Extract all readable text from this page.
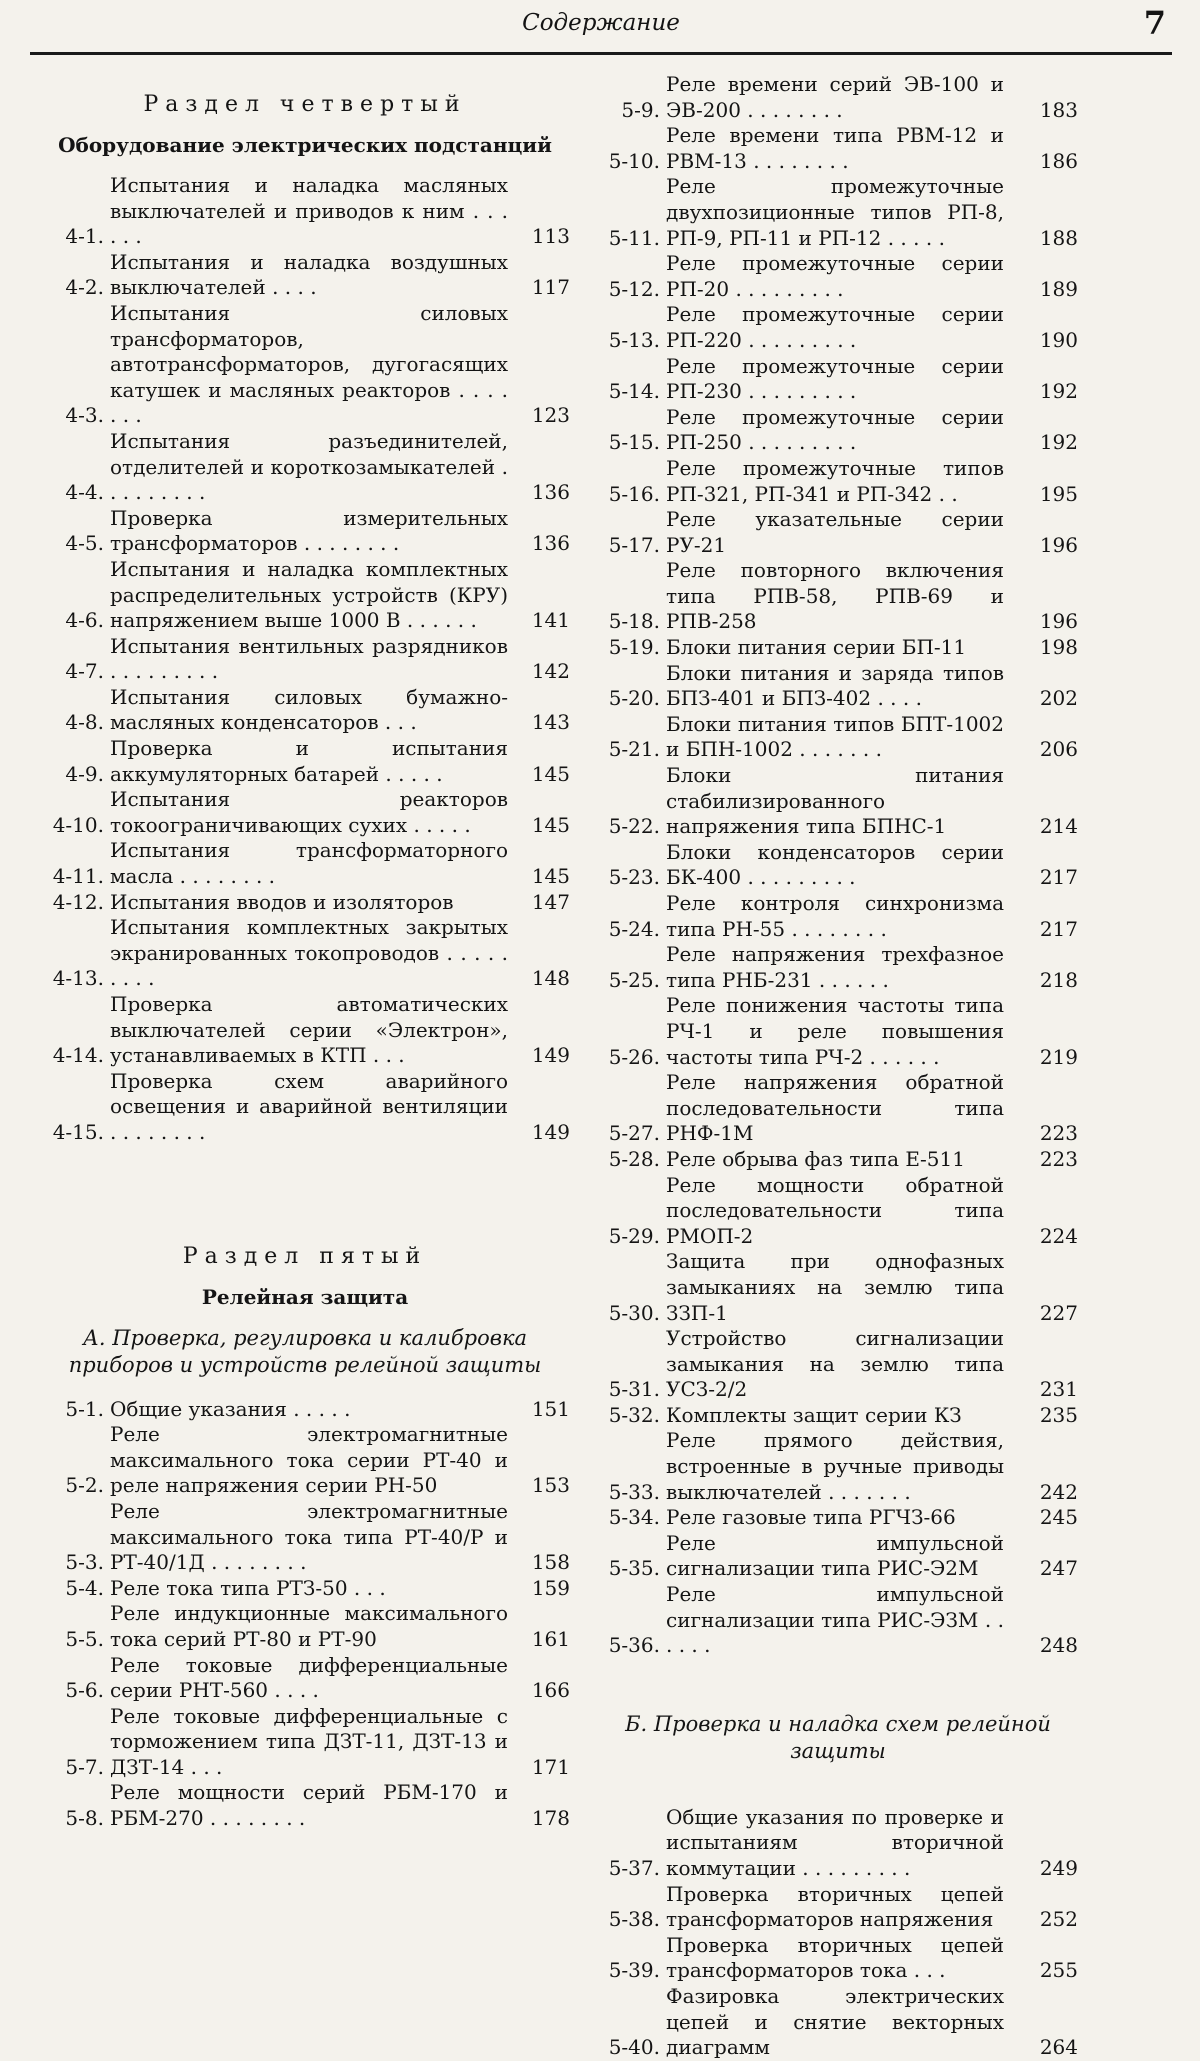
Содержание	7
Раздел четвертый
Оборудование электрических подстанций
4-1.
Испытания и наладка масляных выключателей и приводов к ним . . . . . .	113
4-2.
Испытания и наладка воздушных выключателей . . . .	117
4-3.
Испытания силовых трансформаторов, автотрансформаторов, дугогасящих катушек и масляных реакторов . . . . . . .	123
4-4.
Испытания разъединителей, отделителей и короткозамыкателей . . . . . . . . .	136
4-5.
Проверка измерительных трансформаторов . . . . . . . .	136
4-6.
Испытания и наладка комплектных распределительных устройств (КРУ) напряжением выше 1000 В . . . . . .	141
4-7.
Испытания вентильных разрядников . . . . . . . . .	142
4-8.
Испытания силовых бумажно-масляных конденсаторов . . .	143
4-9.
Проверка и испытания аккумуляторных батарей . . . . .	145
4-10.
Испытания реакторов токоограничивающих сухих . . . . .	145
4-11.
Испытания трансформаторного масла . . . . . . . .	145
4-12. Испытания вводов и изоляторов	147
4-13.
Испытания комплектных закрытых экранированных токопроводов . . . . . . . . .	148
4-14.
Проверка автоматических выключателей серии «Электрон», устанавливаемых в КТП . . .	149
4-15.
Проверка схем аварийного освещения и аварийной вентиляции . . . . . . . .	149
Раздел пятый
Релейная защита
А. Проверка, регулировка и калибровка приборов и устройств релейной защиты
5-1. Общие указания . . . . .	151
5-2.
Реле электромагнитные максимального тока серии РТ-40 и реле напряжения серии РН-50	153
5-3.
Реле электромагнитные максимального тока типа РТ-40/Р и РТ-40/1Д . . . . . . . .	158
5-4. Реле тока типа РТЗ-50 . . .	159
5-5.
Реле индукционные максимального тока серий РТ-80 и РТ-90	161
5-6.
Реле токовые дифференциальные серии РНТ-560 . . . .	166
5-7.
Реле токовые дифференциальные с торможением типа ДЗТ-11, ДЗТ-13 и ДЗТ-14 . . .	171
5-8.
Реле мощности серий РБМ-170 и РБМ-270 . . . . . . . .	178
5-9.
Реле времени серий ЭВ-100 и ЭВ-200 . . . . . . . .	183
5-10.
Реле времени типа РВМ-12 и РВМ-13 . . . . . . . .	186
5-11.
Реле промежуточные двухпозиционные типов РП-8, РП-9, РП-11 и РП-12 . . . . .	188
5-12.
Реле промежуточные серии РП-20 . . . . . . . . .	189
5-13.
Реле промежуточные серии РП-220 . . . . . . . . .	190
5-14.
Реле промежуточные серии РП-230 . . . . . . . . .	192
5-15.
Реле промежуточные серии РП-250 . . . . . . . . .	192
5-16.
Реле промежуточные типов РП-321, РП-341 и РП-342 . .	195
5-17.
Реле указательные серии РУ-21	196
5-18.
Реле повторного включения типа РПВ-58, РПВ-69 и РПВ-258	196
5-19. Блоки питания серии БП-11	198
5-20.
Блоки питания и заряда типов БПЗ-401 и БПЗ-402 . . . .	202
5-21.
Блоки питания типов БПТ-1002 и БПН-1002 . . . . . . .	206
5-22.
Блоки питания стабилизированного напряжения типа БПНС-1	214
5-23.
Блоки конденсаторов серии БК-400 . . . . . . . . .	217
5-24.
Реле контроля синхронизма типа РН-55 . . . . . . . .	217
5-25.
Реле напряжения трехфазное типа РНБ-231 . . . . . .	218
5-26.
Реле понижения частоты типа РЧ-1 и реле повышения частоты типа РЧ-2 . . . . . .	219
5-27.
Реле напряжения обратной последовательности типа РНФ-1М	223
5-28. Реле обрыва фаз типа Е-511	223
5-29.
Реле мощности обратной последовательности типа РМОП-2	224
5-30.
Защита при однофазных замыканиях на землю типа ЗЗП-1	227
5-31.
Устройство сигнализации замыкания на землю типа УСЗ-2/2	231
5-32. Комплекты защит серии КЗ	235
5-33.
Реле прямого действия, встроенные в ручные приводы выключателей . . . . . . .	242
5-34. Реле газовые типа РГЧЗ-66	245
5-35.
Реле импульсной сигнализации типа РИС-Э2М	247
5-36.
Реле импульсной сигнализации типа РИС-ЭЗМ . . . . . .	248
Б. Проверка и наладка схем релейной защиты
5-37.
Общие указания по проверке и испытаниям вторичной коммутации . . . . . . . . .	249
5-38.
Проверка вторичных цепей трансформаторов напряжения	252
5-39.
Проверка вторичных цепей трансформаторов тока . . .	255
5-40.
Фазировка электрических цепей и снятие векторных диаграмм	264
